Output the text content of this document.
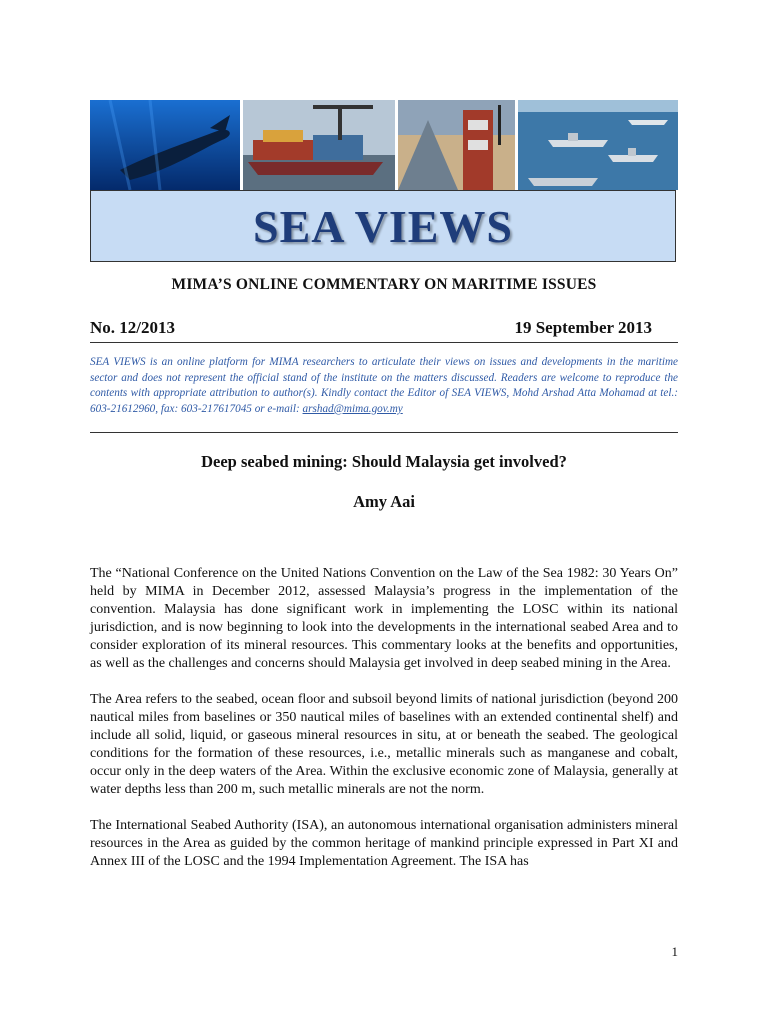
SEA VIEWS
MIMA’S ONLINE COMMENTARY ON MARITIME ISSUES
No. 12/2013	19 September 2013
SEA VIEWS is an online platform for MIMA researchers to articulate their views on issues and developments in the maritime sector and does not represent the official stand of the institute on the matters discussed. Readers are welcome to reproduce the contents with appropriate attribution to author(s). Kindly contact the Editor of SEA VIEWS, Mohd Arshad Atta Mohamad at tel.: 603-21612960, fax: 603-217617045 or e-mail: arshad@mima.gov.my
Deep seabed mining: Should Malaysia get involved?
Amy Aai

The “National Conference on the United Nations Convention on the Law of the Sea 1982: 30 Years On” held by MIMA in December 2012, assessed Malaysia’s progress in the implementation of the convention. Malaysia has done significant work in implementing the LOSC within its national jurisdiction, and is now beginning to look into the developments in the international seabed Area and to consider exploration of its mineral resources. This commentary looks at the benefits and opportunities, as well as the challenges and concerns should Malaysia get involved in deep seabed mining in the Area.

The Area refers to the seabed, ocean floor and subsoil beyond limits of national jurisdiction (beyond 200 nautical miles from baselines or 350 nautical miles of baselines with an extended continental shelf) and include all solid, liquid, or gaseous mineral resources in situ, at or beneath the seabed. The geological conditions for the formation of these resources, i.e., metallic minerals such as manganese and cobalt, occur only in the deep waters of the Area. Within the exclusive economic zone of Malaysia, generally at water depths less than 200 m, such metallic minerals are not the norm.

The International Seabed Authority (ISA), an autonomous international organisation administers mineral resources in the Area as guided by the common heritage of mankind principle expressed in Part XI and Annex III of the LOSC and the 1994 Implementation Agreement. The ISA has

1
